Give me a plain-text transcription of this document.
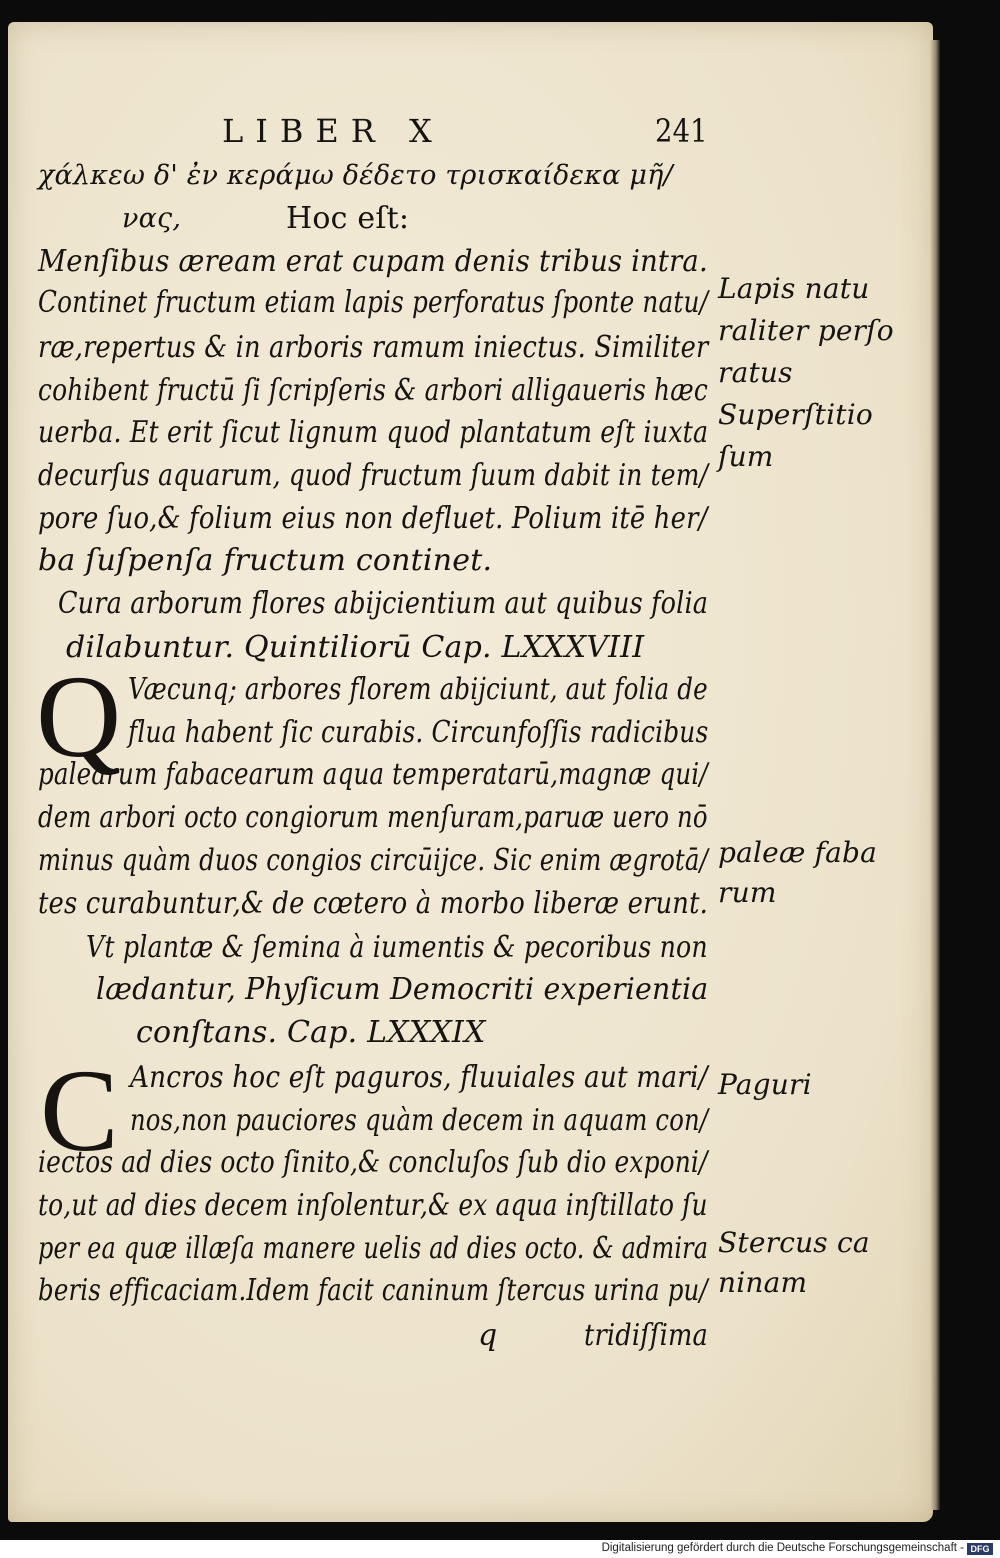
LIBER X	241
χάλκεω δ' ἐν κεράμω δέδετο τρισκαίδεκα μῆ/
νας,	Hoc eſt:
Menſibus æream erat cupam denis tribus intra.
Continet fructum etiam lapis perforatus ſponte natu/
ræ,repertus & in arboris ramum iniectus. Similiter
cohibent fructū ſi ſcripſeris & arbori alligaueris hæc
uerba. Et erit ſicut lignum quod plantatum eſt iuxta
decurſus aquarum, quod fructum ſuum dabit in tem/
pore ſuo,& folium eius non defluet. Polium itē her/
ba ſuſpenſa fructum continet.
Cura arborum flores abijcientium aut quibus folia
dilabuntur. Quintiliorū Cap. LXXXVIII
Q Væcunq; arbores florem abijciunt, aut folia de
flua habent ſic curabis. Circunfoſſis radicibus
palearum fabacearum aqua temperatarū,magnæ qui/
dem arbori octo congiorum menſuram,paruæ uero nō
minus quàm duos congios circūijce. Sic enim ægrotā/
tes curabuntur,& de cœtero à morbo liberæ erunt.
Vt plantæ & ſemina à iumentis & pecoribus non
lædantur, Phyſicum Democriti experientia
conſtans. Cap. LXXXIX
C Ancros hoc eſt paguros, fluuiales aut mari/
nos,non pauciores quàm decem in aquam con/
iectos ad dies octo ſinito,& concluſos ſub dio exponi/
to,ut ad dies decem inſolentur,& ex aqua inſtillato ſu
per ea quæ illæſa manere uelis ad dies octo. & admira
beris efficaciam.Idem facit caninum ſtercus urina pu/
q	tridiſſima
Lapis natu
raliter perſo
ratus
Superſtitio
ſum
paleæ faba
rum
Paguri
Stercus ca
ninam
Digitalisierung gefördert durch die Deutsche Forschungsgemeinschaft - DFG
